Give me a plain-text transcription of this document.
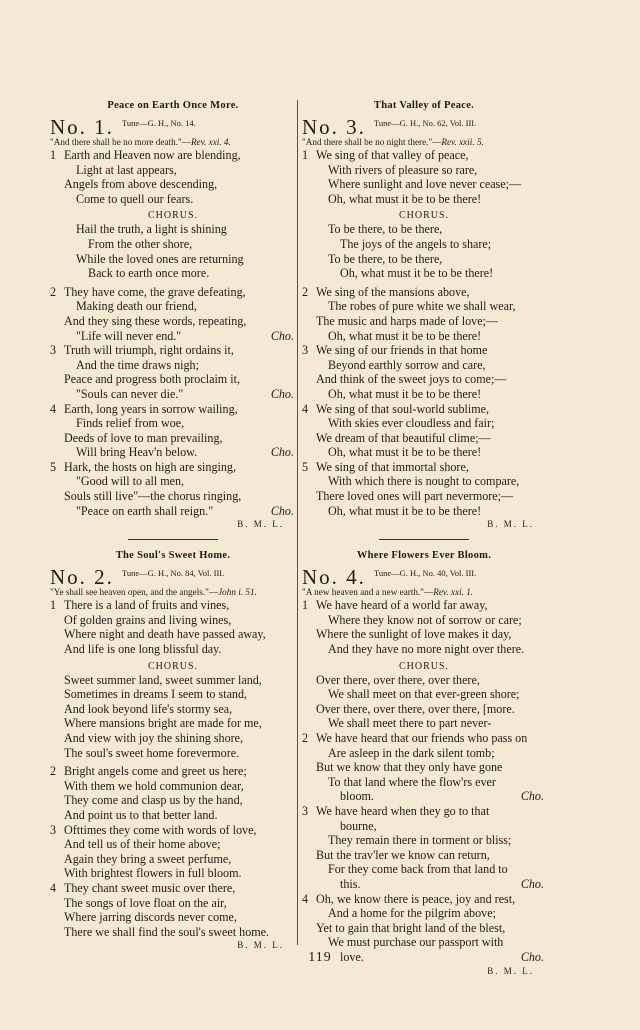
Peace on Earth Once More.
No. 1. Tune—G. H., No. 14.
"And there shall be no more death."—Rev. xxi. 4.
1 Earth and Heaven now are blending,
Light at last appears,
Angels from above descending,
Come to quell our fears.
CHORUS.
Hail the truth, a light is shining
From the other shore,
While the loved ones are returning
Back to earth once more.
2 They have come, the grave defeating,
Making death our friend,
And they sing these words, repeating,
"Life will never end."	Cho.
3 Truth will triumph, right ordains it,
And the time draws nigh;
Peace and progress both proclaim it,
"Souls can never die."	Cho.
4 Earth, long years in sorrow wailing,
Finds relief from woe,
Deeds of love to man prevailing,
Will bring Heav'n below.	Cho.
5 Hark, the hosts on high are singing,
"Good will to all men,
Souls still live"—the chorus ringing,
"Peace on earth shall reign."	Cho.
B. M. L.
The Soul's Sweet Home.
No. 2. Tune—G. H., No. 84, Vol. III.
"Ye shall see heaven open, and the angels."—John i. 51.
1 There is a land of fruits and vines,
Of golden grains and living wines,
Where night and death have passed away,
And life is one long blissful day.
CHORUS.
Sweet summer land, sweet summer land,
Sometimes in dreams I seem to stand,
And look beyond life's stormy sea,
Where mansions bright are made for me,
And view with joy the shining shore,
The soul's sweet home forevermore.
2 Bright angels come and greet us here;
With them we hold communion dear,
They come and clasp us by the hand,
And point us to that better land.
3 Ofttimes they come with words of love,
And tell us of their home above;
Again they bring a sweet perfume,
With brightest flowers in full bloom.
4 They chant sweet music over there,
The songs of love float on the air,
Where jarring discords never come,
There we shall find the soul's sweet home.
B. M. L.
That Valley of Peace.
No. 3. Tune—G. H., No. 62, Vol. III.
"And there shall be no night there."—Rev. xxii. 5.
1 We sing of that valley of peace,
With rivers of pleasure so rare,
Where sunlight and love never cease;—
Oh, what must it be to be there!
CHORUS.
To be there, to be there,
The joys of the angels to share;
To be there, to be there,
Oh, what must it be to be there!
2 We sing of the mansions above,
The robes of pure white we shall wear,
The music and harps made of love;—
Oh, what must it be to be there!
3 We sing of our friends in that home
Beyond earthly sorrow and care,
And think of the sweet joys to come;—
Oh, what must it be to be there!
4 We sing of that soul-world sublime,
With skies ever cloudless and fair;
We dream of that beautiful clime;—
Oh, what must it be to be there!
5 We sing of that immortal shore,
With which there is nought to compare,
There loved ones will part nevermore;—
Oh, what must it be to be there!
B. M. L.
Where Flowers Ever Bloom.
No. 4. Tune—G. H., No. 40, Vol. III.
"A new heaven and a new earth."—Rev. xxi. 1.
1 We have heard of a world far away,
Where they know not of sorrow or care;
Where the sunlight of love makes it day,
And they have no more night over there.
CHORUS.
Over there, over there, over there,
We shall meet on that ever-green shore;
Over there, over there, over there, [more.
We shall meet there to part never-
2 We have heard that our friends who pass on
Are asleep in the dark silent tomb;
But we know that they only have gone
To that land where the flow'rs ever
bloom.	Cho.
3 We have heard when they go to that
bourne,
They remain there in torment or bliss;
But the trav'ler we know can return,
For they come back from that land to
this.	Cho.
4 Oh, we know there is peace, joy and rest,
And a home for the pilgrim above;
Yet to gain that bright land of the blest,
We must purchase our passport with
love.	Cho.
B. M. L.
119
